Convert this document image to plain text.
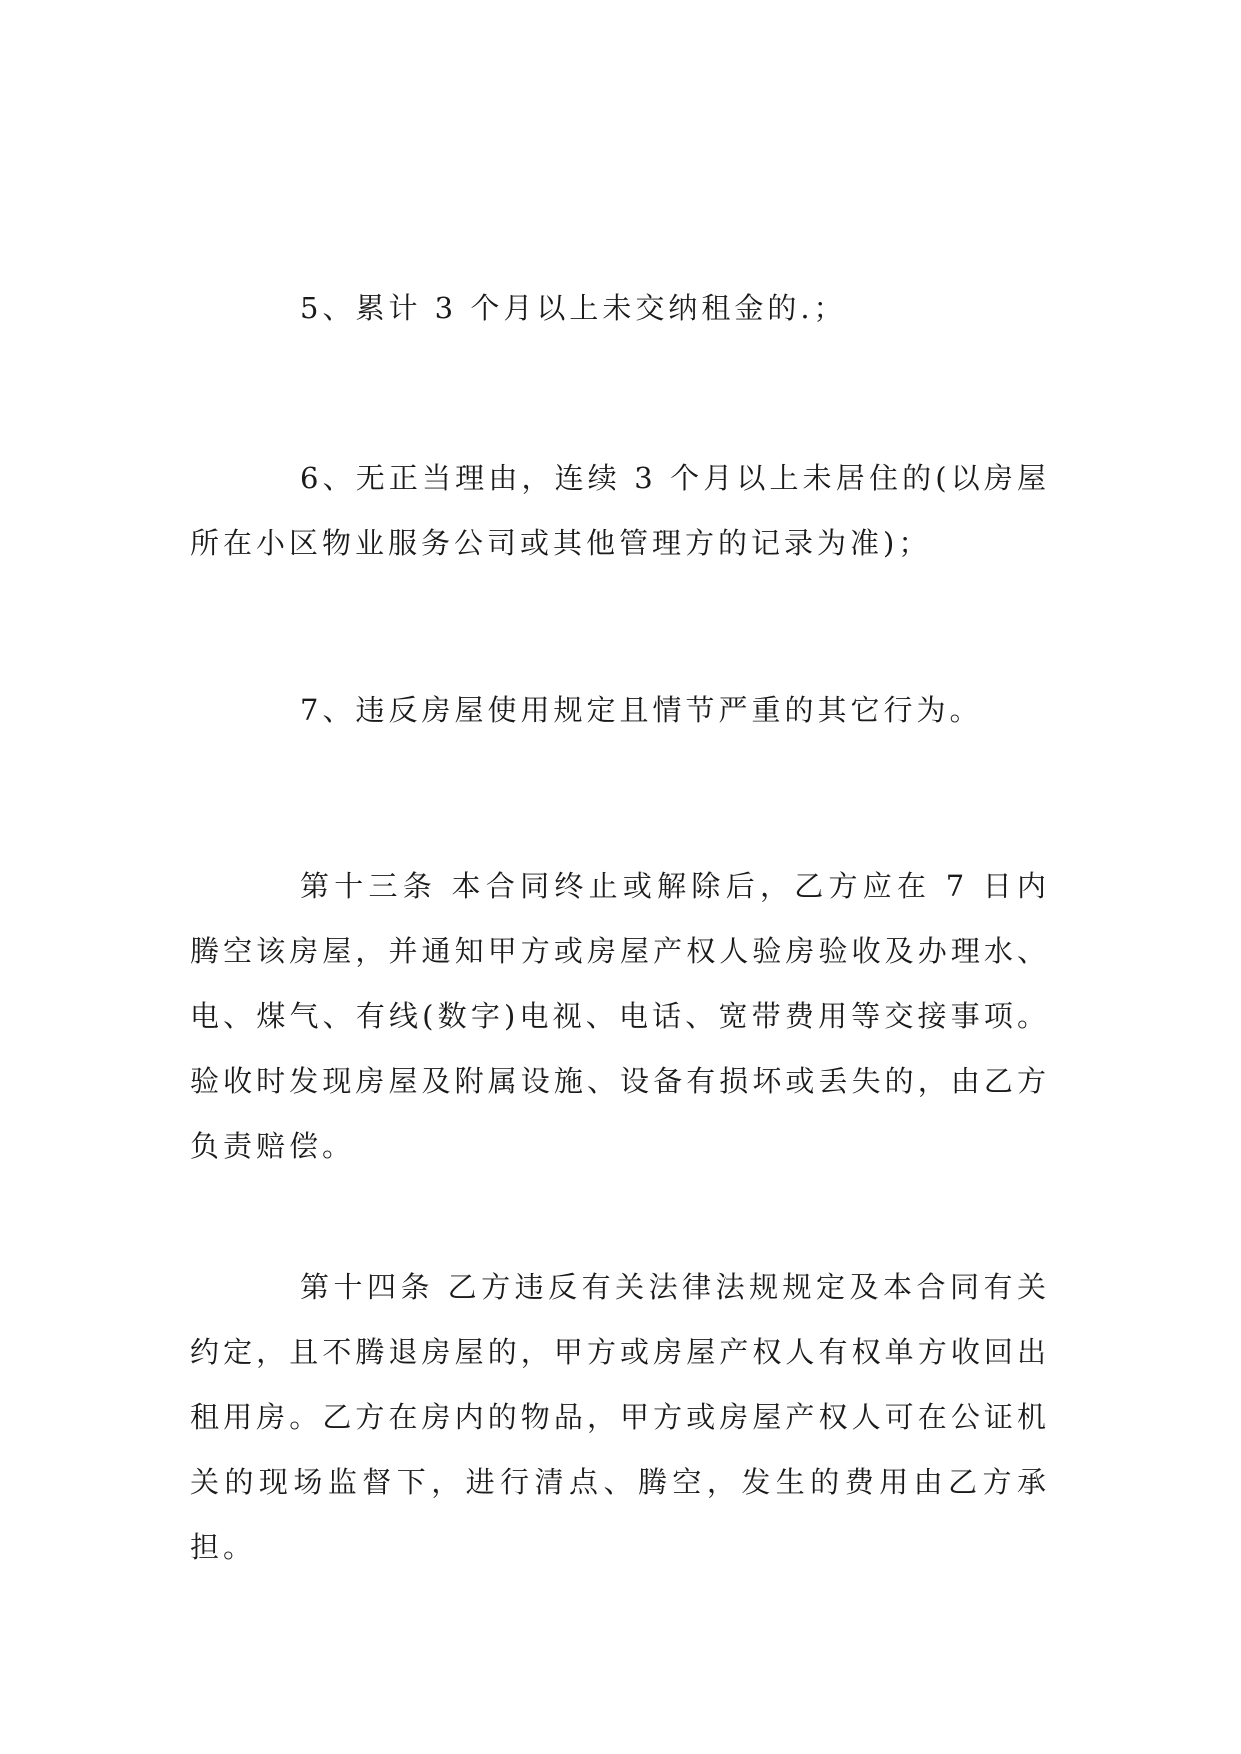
5、累计 3 个月以上未交纳租金的.；

6、无正当理由，连续 3 个月以上未居住的(以房屋所在小区物业服务公司或其他管理方的记录为准)；

7、违反房屋使用规定且情节严重的其它行为。

第十三条 本合同终止或解除后，乙方应在 7 日内腾空该房屋，并通知甲方或房屋产权人验房验收及办理水、电、煤气、有线(数字)电视、电话、宽带费用等交接事项。验收时发现房屋及附属设施、设备有损坏或丢失的，由乙方负责赔偿。

第十四条 乙方违反有关法律法规规定及本合同有关约定，且不腾退房屋的，甲方或房屋产权人有权单方收回出租用房。乙方在房内的物品，甲方或房屋产权人可在公证机关的现场监督下，进行清点、腾空，发生的费用由乙方承担。
